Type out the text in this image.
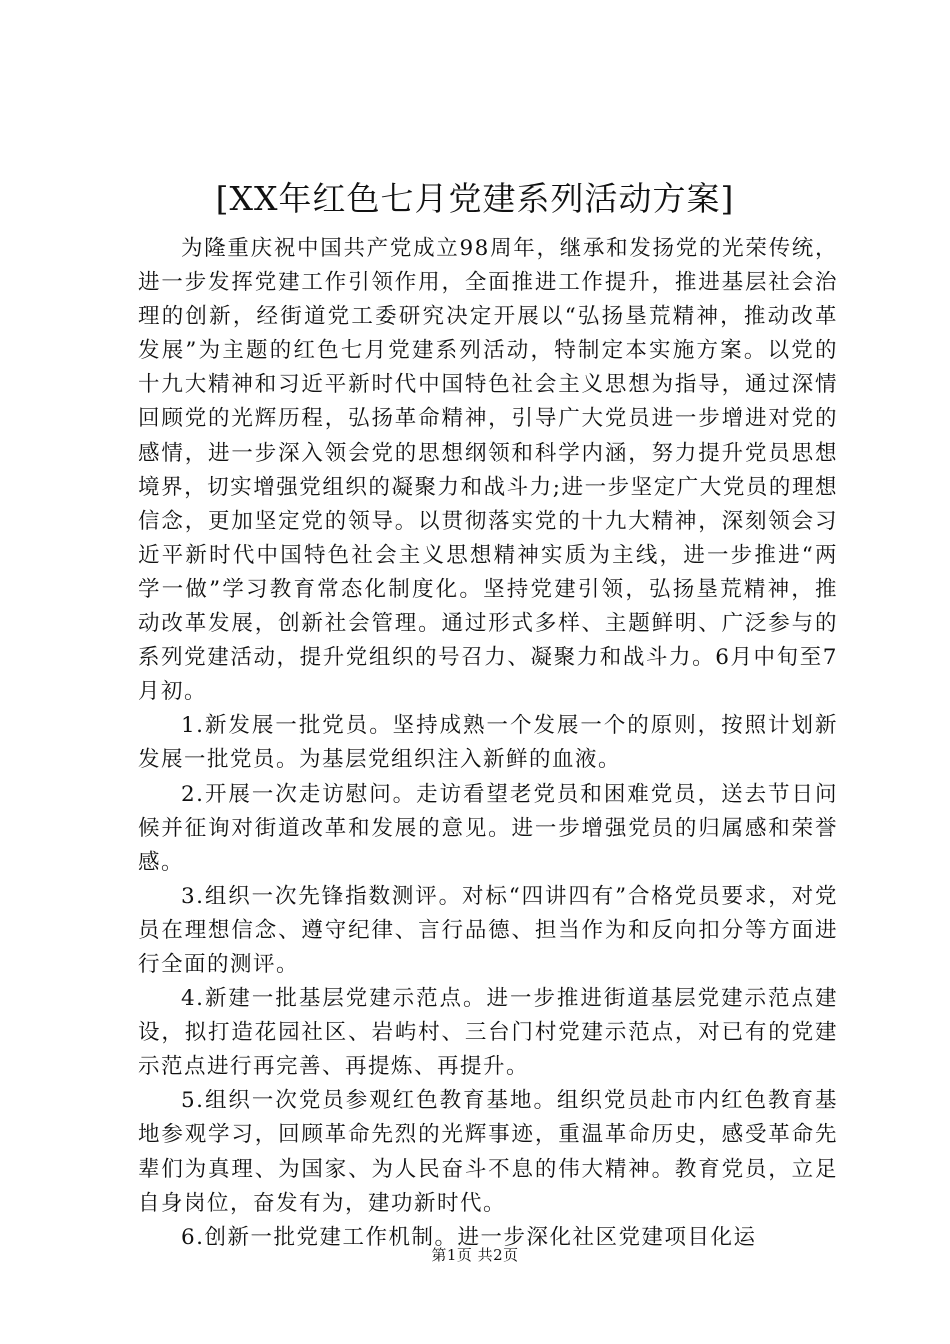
[XX年红色七月党建系列活动方案]

为隆重庆祝中国共产党成立98周年，继承和发扬党的光荣传统，进一步发挥党建工作引领作用，全面推进工作提升，推进基层社会治理的创新，经街道党工委研究决定开展以“弘扬垦荒精神，推动改革发展”为主题的红色七月党建系列活动，特制定本实施方案。以党的十九大精神和习近平新时代中国特色社会主义思想为指导，通过深情回顾党的光辉历程，弘扬革命精神，引导广大党员进一步增进对党的感情，进一步深入领会党的思想纲领和科学内涵，努力提升党员思想境界，切实增强党组织的凝聚力和战斗力;进一步坚定广大党员的理想信念，更加坚定党的领导。以贯彻落实党的十九大精神，深刻领会习近平新时代中国特色社会主义思想精神实质为主线，进一步推进“两学一做”学习教育常态化制度化。坚持党建引领，弘扬垦荒精神，推动改革发展，创新社会管理。通过形式多样、主题鲜明、广泛参与的系列党建活动，提升党组织的号召力、凝聚力和战斗力。6月中旬至7月初。

1.新发展一批党员。坚持成熟一个发展一个的原则，按照计划新发展一批党员。为基层党组织注入新鲜的血液。

2.开展一次走访慰问。走访看望老党员和困难党员，送去节日问候并征询对街道改革和发展的意见。进一步增强党员的归属感和荣誉感。

3.组织一次先锋指数测评。对标“四讲四有”合格党员要求，对党员在理想信念、遵守纪律、言行品德、担当作为和反向扣分等方面进行全面的测评。

4.新建一批基层党建示范点。进一步推进街道基层党建示范点建设，拟打造花园社区、岩屿村、三台门村党建示范点，对已有的党建示范点进行再完善、再提炼、再提升。

5.组织一次党员参观红色教育基地。组织党员赴市内红色教育基地参观学习，回顾革命先烈的光辉事迹，重温革命历史，感受革命先辈们为真理、为国家、为人民奋斗不息的伟大精神。教育党员，立足自身岗位，奋发有为，建功新时代。

6.创新一批党建工作机制。进一步深化社区党建项目化运

第1页 共2页
